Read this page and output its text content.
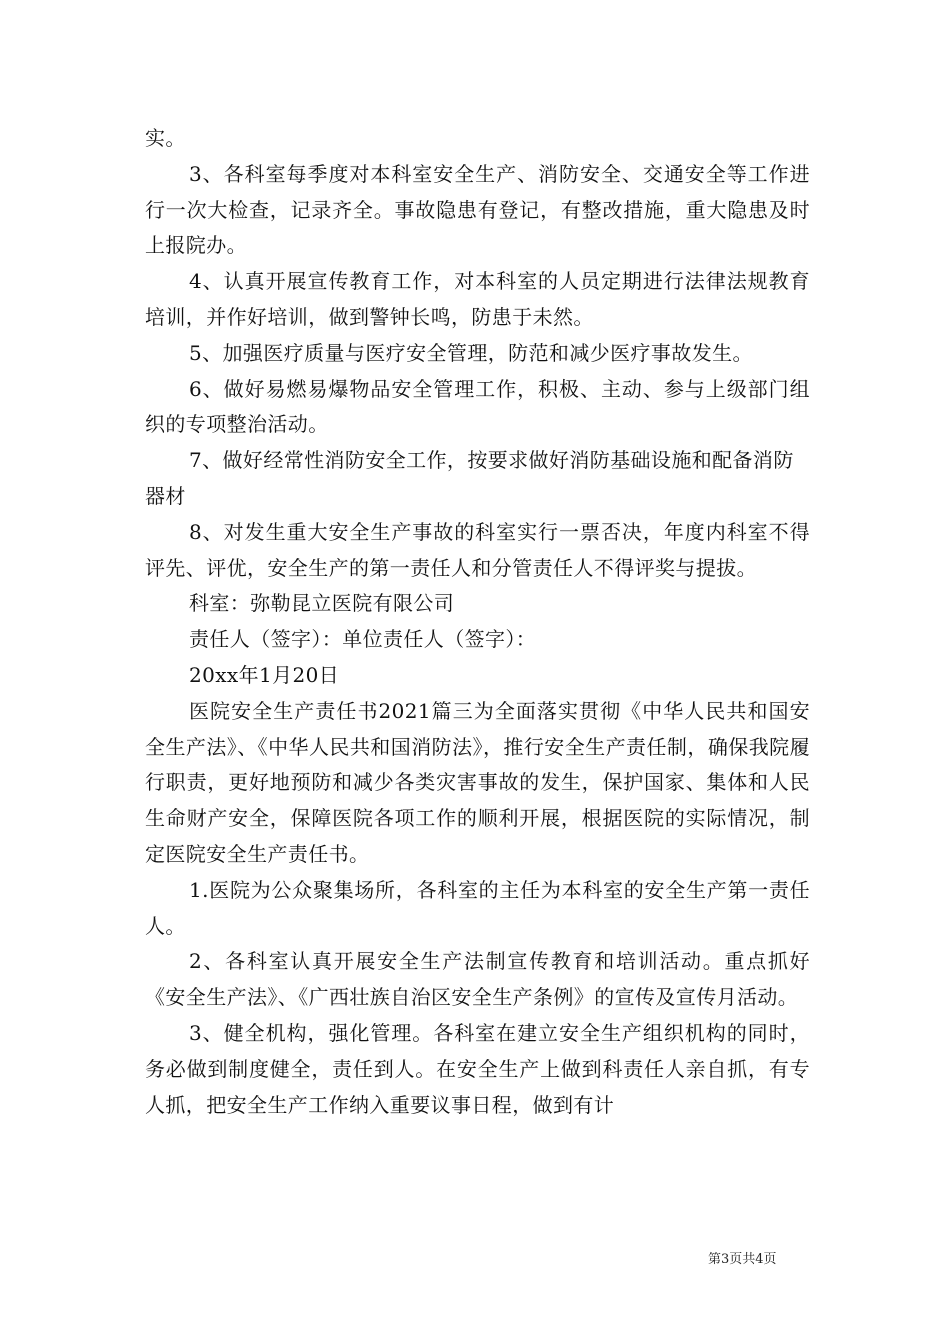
实。

3、各科室每季度对本科室安全生产、消防安全、交通安全等工作进行一次大检查，记录齐全。事故隐患有登记，有整改措施，重大隐患及时上报院办。

4、认真开展宣传教育工作，对本科室的人员定期进行法律法规教育培训，并作好培训，做到警钟长鸣，防患于未然。

5、加强医疗质量与医疗安全管理，防范和减少医疗事故发生。

6、做好易燃易爆物品安全管理工作，积极、主动、参与上级部门组织的专项整治活动。

7、做好经常性消防安全工作，按要求做好消防基础设施和配备消防器材

8、对发生重大安全生产事故的科室实行一票否决，年度内科室不得评先、评优，安全生产的第一责任人和分管责任人不得评奖与提拔。

科室：弥勒昆立医院有限公司

责任人（签字）：单位责任人（签字）：

20xx年1月20日

医院安全生产责任书2021篇三为全面落实贯彻《中华人民共和国安全生产法》、《中华人民共和国消防法》，推行安全生产责任制，确保我院履行职责，更好地预防和减少各类灾害事故的发生，保护国家、集体和人民生命财产安全，保障医院各项工作的顺利开展，根据医院的实际情况，制定医院安全生产责任书。

1.医院为公众聚集场所，各科室的主任为本科室的安全生产第一责任人。

2、各科室认真开展安全生产法制宣传教育和培训活动。重点抓好《安全生产法》、《广西壮族自治区安全生产条例》的宣传及宣传月活动。

3、健全机构，强化管理。各科室在建立安全生产组织机构的同时，务必做到制度健全，责任到人。在安全生产上做到科责任人亲自抓，有专人抓，把安全生产工作纳入重要议事日程，做到有计

第3页共4页
